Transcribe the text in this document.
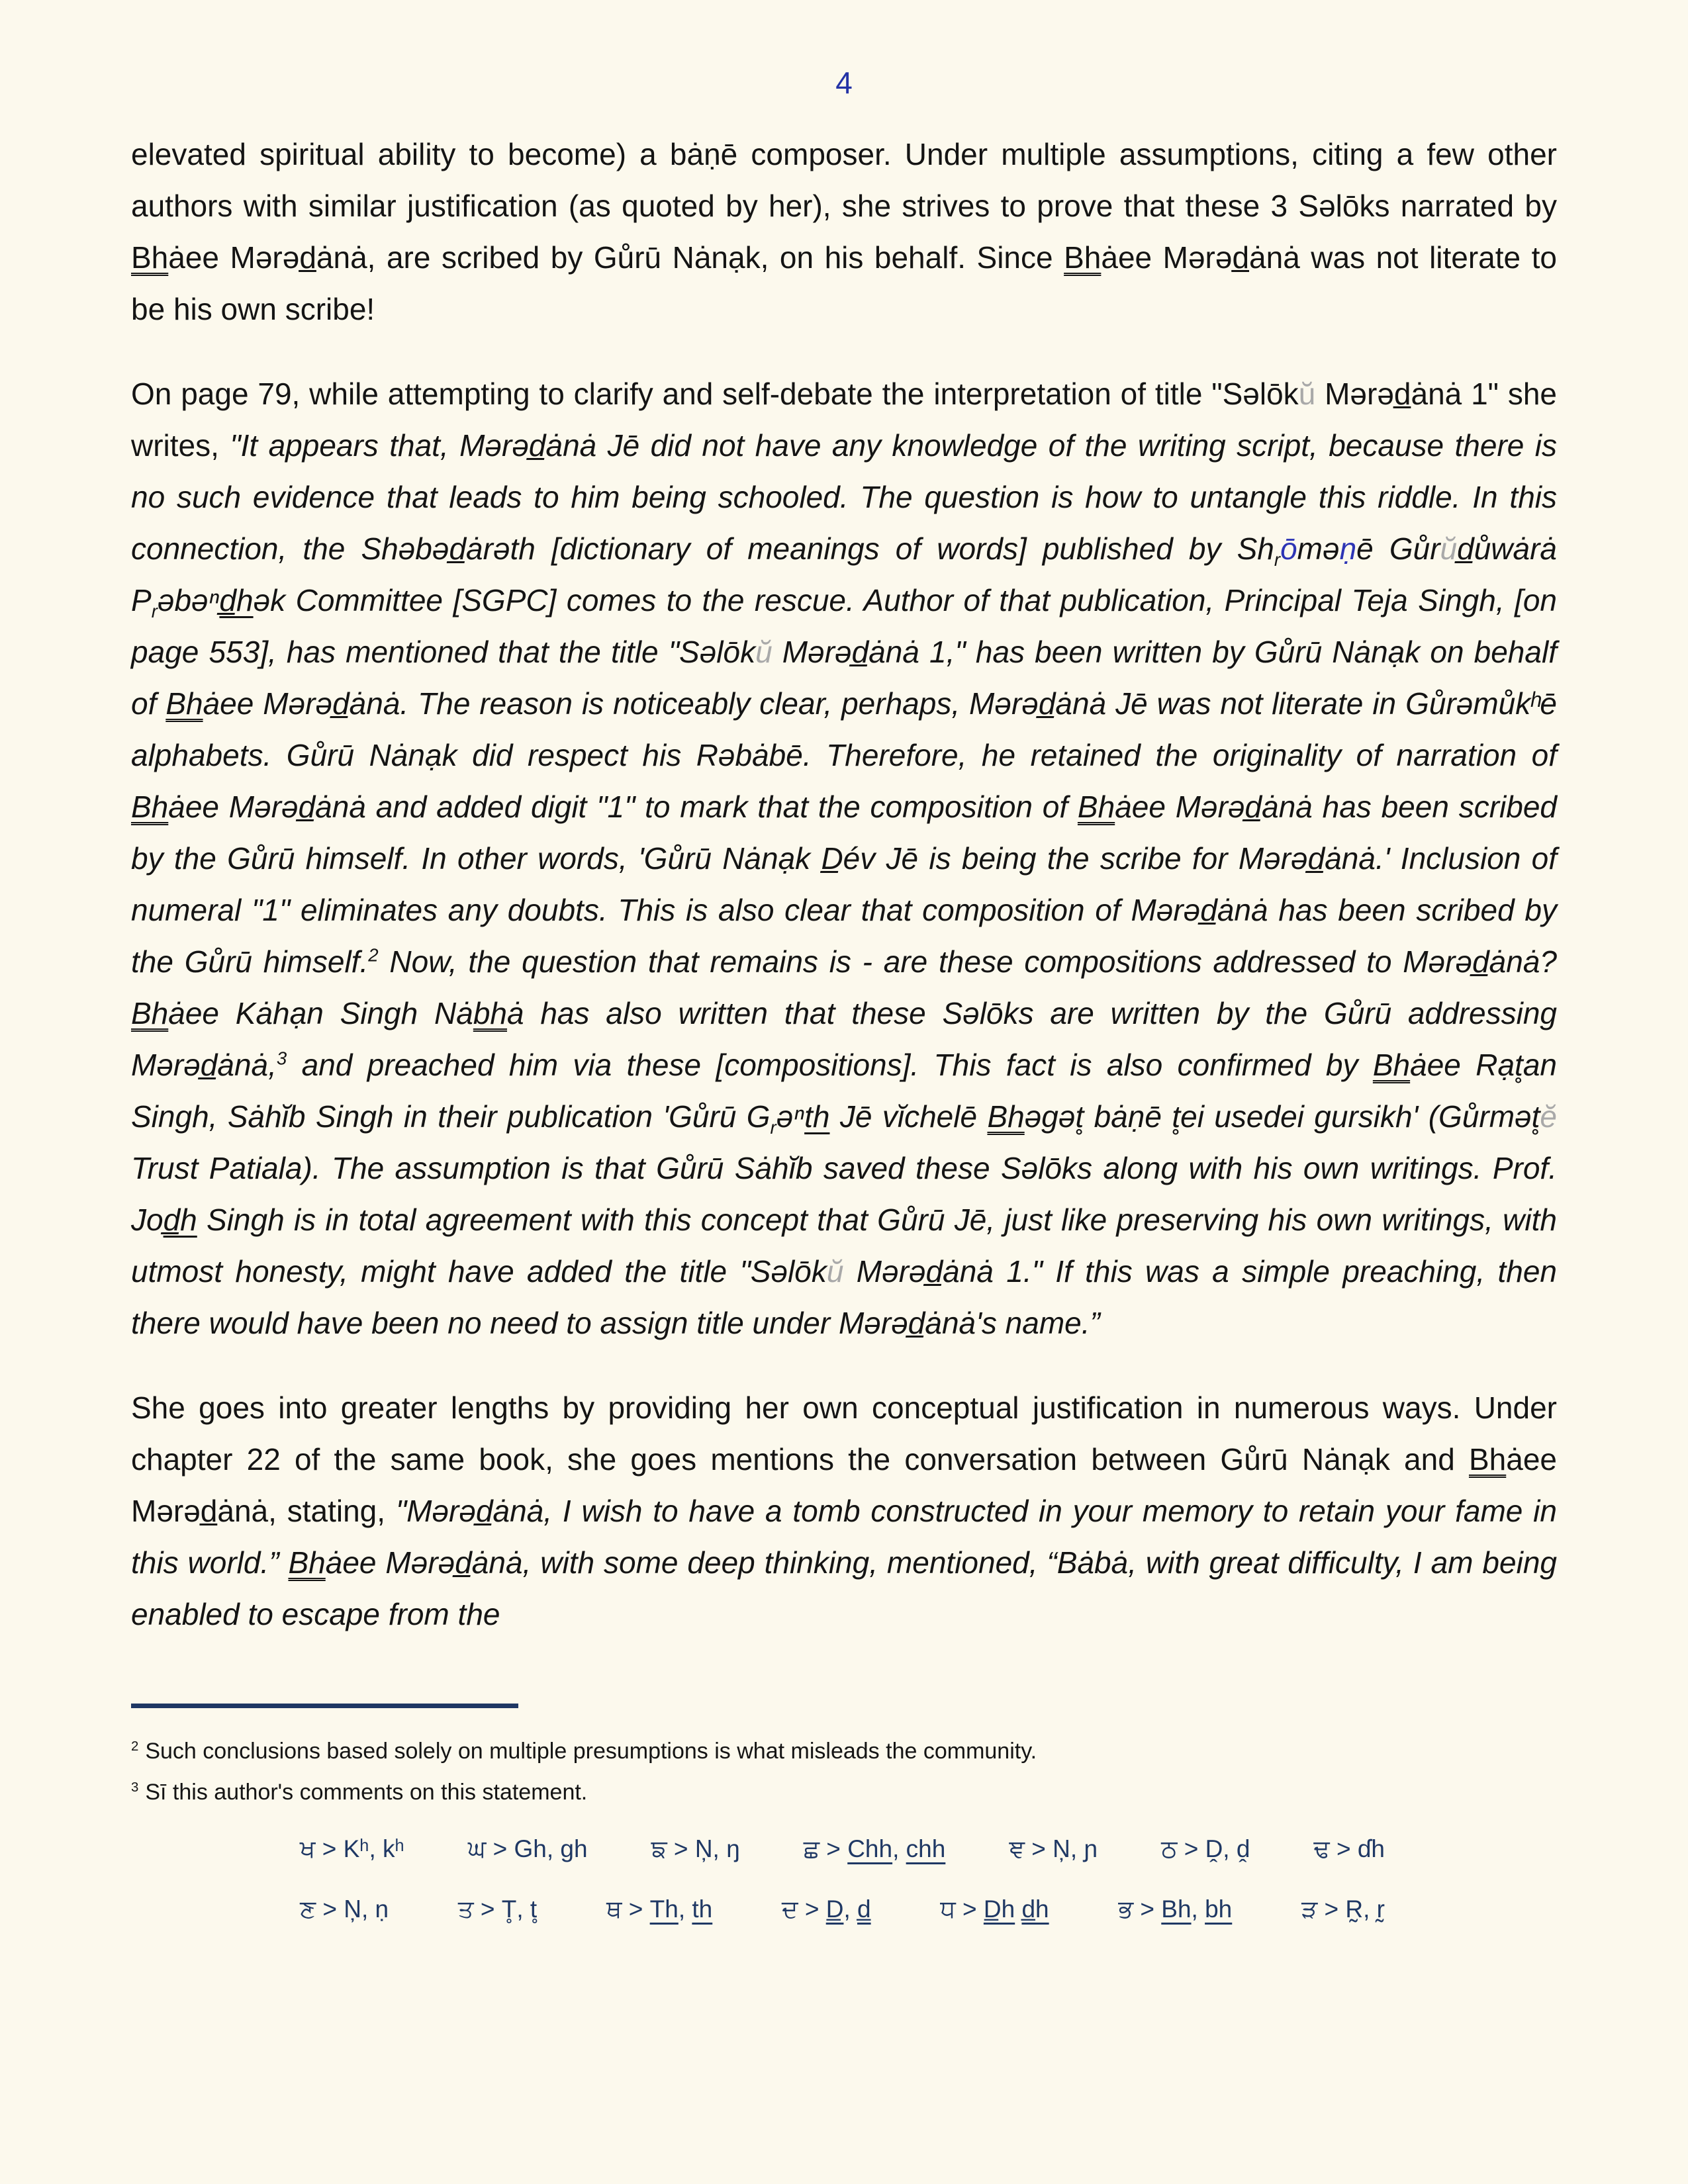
4

elevated spiritual ability to become) a bȧṇē composer. Under multiple assumptions, citing a few other authors with similar justification (as quoted by her), she strives to prove that these 3 Səlōks narrated by Bhȧee Mərəd̲ȧnȧ, are scribed by Gůrū Nȧnạk, on his behalf. Since Bhȧee Mərəd̲ȧnȧ was not literate to be his own scribe!

On page 79, while attempting to clarify and self-debate the interpretation of title "Səlōkŭ Mərəd̲ȧnȧ 1" she writes, "It appears that, Mərəd̲ȧnȧ Jē did not have any knowledge of the writing script, because there is no such evidence that leads to him being schooled. The question is how to untangle this riddle. In this connection, the Shəbəd̲ȧrəth [dictionary of meanings of words] published by $Sh_rōməṇē$ Gůrŭd̲ůwȧrȧ $P_rəbə^nd̲hək$ Committee [SGPC] comes to the rescue. Author of that publication, Principal Teja Singh, [on page 553], has mentioned that the title "Səlōkŭ Mərəd̲ȧnȧ 1," has been written by Gůrū Nȧnạk on behalf of Bhȧee Mərəd̲ȧnȧ. The reason is noticeably clear, perhaps, Mərəd̲ȧnȧ Jē was not literate in Gůrəmůkʰē alphabets. Gůrū Nȧnạk did respect his Rəbȧbē. Therefore, he retained the originality of narration of Bhȧee Mərəd̲ȧnȧ and added digit "1" to mark that the composition of Bhȧee Mərəd̲ȧnȧ has been scribed by the Gůrū himself. In other words, 'Gůrū Nȧnạk D̲év Jē is being the scribe for Mərəd̲ȧnȧ.' Inclusion of numeral "1" eliminates any doubts. This is also clear that composition of Mərəd̲ȧnȧ has been scribed by the Gůrū himself.$^2$ Now, the question that remains is - are these compositions addressed to Mərəd̲ȧnȧ? Bhȧee Kȧhạn Singh Nȧbhȧ has also written that these Səlōks are written by the Gůrū addressing Mərəd̲ȧnȧ,$^3$ and preached him via these [compositions]. This fact is also confirmed by Bhȧee Rạt̥an Singh, Sȧhĭb Singh in their publication 'Gůrū $G_rə^nth$ Jē vĭchelē Bhəgət̥ bȧṇē t̥ei usedei gursikh' (Gůrmət̥ĕ Trust Patiala). The assumption is that Gůrū Sȧhĭb saved these Səlōks along with his own writings. Prof. Jod̲h Singh is in total agreement with this concept that Gůrū Jē, just like preserving his own writings, with utmost honesty, might have added the title "Səlōkŭ Mərəd̲ȧnȧ 1." If this was a simple preaching, then there would have been no need to assign title under Mərəd̲ȧnȧ's name.”

She goes into greater lengths by providing her own conceptual justification in numerous ways. Under chapter 22 of the same book, she goes mentions the conversation between Gůrū Nȧnạk and Bhȧee Mərəd̲ȧnȧ, stating, "Mərəd̲ȧnȧ, I wish to have a tomb constructed in your memory to retain your fame in this world.” Bhȧee Mərəd̲ȧnȧ, with some deep thinking, mentioned, “Bȧbȧ, with great difficulty, I am being enabled to escape from the

$^2$ Such conclusions based solely on multiple presumptions is what misleads the community.
$^3$ Sī this author's comments on this statement.
ਖ > Kʰ, kʰ	ਘ > Gh, gh	ਙ > Ņ, ŋ	ਛ > Chh, chh	ਞ > Ņ, ɲ	ਠ > Ḓ, ḓ	ਢ > ɗh
ਣ > Ņ, ṇ	ਤ > T̥, t̥	ਥ > Th, th	ਦ > D̲, d̲	ਧ > D̲h d̲h	ਭ > Bh, bh	ੜ > R̰, r̰
